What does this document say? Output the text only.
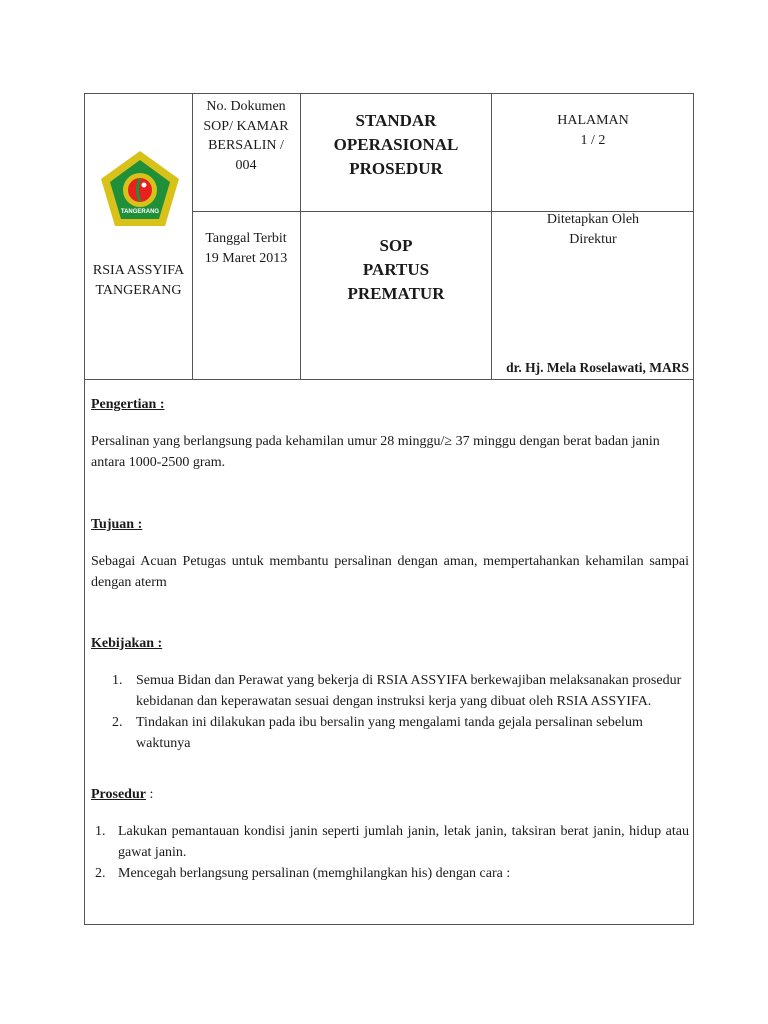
TANGERANG
RSIA ASSYIFA
TANGERANG
No. Dokumen
SOP/ KAMAR
BERSALIN /
004
STANDAR
OPERASIONAL
PROSEDUR
HALAMAN
1 / 2
Tanggal Terbit
19 Maret 2013
SOP
PARTUS
PREMATUR
Ditetapkan Oleh
Direktur
dr. Hj. Mela Roselawati, MARS

Pengertian :

Persalinan yang berlangsung pada kehamilan umur 28 minggu/≥ 37 minggu dengan berat badan janin antara 1000-2500 gram.

Tujuan :

Sebagai Acuan Petugas untuk membantu persalinan dengan aman, mempertahankan kehamilan sampai dengan aterm

Kebijakan :

1. Semua Bidan dan Perawat yang bekerja di RSIA ASSYIFA berkewajiban melaksanakan prosedur kebidanan dan keperawatan sesuai dengan instruksi kerja yang dibuat oleh RSIA ASSYIFA.
2. Tindakan ini dilakukan pada ibu bersalin yang mengalami tanda gejala persalinan sebelum waktunya

Prosedur :

1. Lakukan pemantauan kondisi janin seperti jumlah janin, letak janin, taksiran berat janin, hidup atau gawat janin.
2. Mencegah berlangsung persalinan (memghilangkan his) dengan cara :
